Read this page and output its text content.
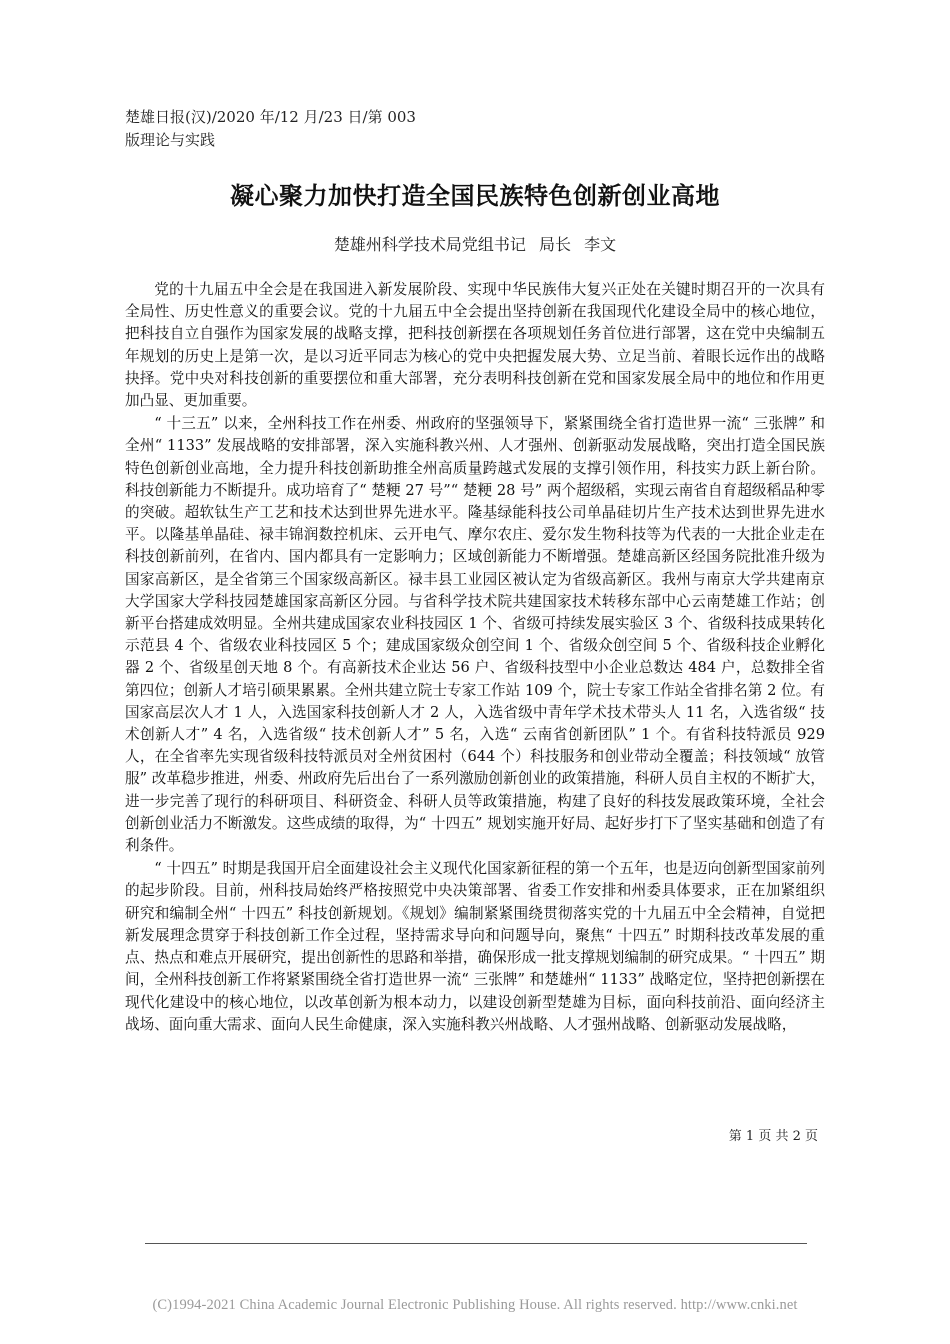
楚雄日报(汉)/2020 年/12 月/23 日/第 003
版理论与实践
凝心聚力加快打造全国民族特色创新创业高地
楚雄州科学技术局党组书记 局长 李文

党的十九届五中全会是在我国进入新发展阶段、实现中华民族伟大复兴正处在关键时期召开的一次具有全局性、历史性意义的重要会议。党的十九届五中全会提出坚持创新在我国现代化建设全局中的核心地位，把科技自立自强作为国家发展的战略支撑，把科技创新摆在各项规划任务首位进行部署，这在党中央编制五年规划的历史上是第一次，是以习近平同志为核心的党中央把握发展大势、立足当前、着眼长远作出的战略抉择。党中央对科技创新的重要摆位和重大部署，充分表明科技创新在党和国家发展全局中的地位和作用更加凸显、更加重要。

“ 十三五” 以来，全州科技工作在州委、州政府的坚强领导下，紧紧围绕全省打造世界一流“ 三张牌” 和全州“ 1133” 发展战略的安排部署，深入实施科教兴州、人才强州、创新驱动发展战略，突出打造全国民族特色创新创业高地，全力提升科技创新助推全州高质量跨越式发展的支撑引领作用，科技实力跃上新台阶。科技创新能力不断提升。成功培育了“ 楚粳 27 号”“ 楚粳 28 号” 两个超级稻，实现云南省自育超级稻品种零的突破。超软钛生产工艺和技术达到世界先进水平。隆基绿能科技公司单晶硅切片生产技术达到世界先进水平。以隆基单晶硅、禄丰锦润数控机床、云开电气、摩尔农庄、爱尔发生物科技等为代表的一大批企业走在科技创新前列，在省内、国内都具有一定影响力；区域创新能力不断增强。楚雄高新区经国务院批准升级为国家高新区，是全省第三个国家级高新区。禄丰县工业园区被认定为省级高新区。我州与南京大学共建南京大学国家大学科技园楚雄国家高新区分园。与省科学技术院共建国家技术转移东部中心云南楚雄工作站；创新平台搭建成效明显。全州共建成国家农业科技园区 1 个、省级可持续发展实验区 3 个、省级科技成果转化示范县 4 个、省级农业科技园区 5 个；建成国家级众创空间 1 个、省级众创空间 5 个、省级科技企业孵化器 2 个、省级星创天地 8 个。有高新技术企业达 56 户、省级科技型中小企业总数达 484 户，总数排全省第四位；创新人才培引硕果累累。全州共建立院士专家工作站 109 个，院士专家工作站全省排名第 2 位。有国家高层次人才 1 人，入选国家科技创新人才 2 人，入选省级中青年学术技术带头人 11 名，入选省级“ 技术创新人才” 4 名，入选省级“ 技术创新人才” 5 名，入选“ 云南省创新团队” 1 个。有省科技特派员 929 人，在全省率先实现省级科技特派员对全州贫困村（644 个）科技服务和创业带动全覆盖；科技领域“ 放管服” 改革稳步推进，州委、州政府先后出台了一系列激励创新创业的政策措施，科研人员自主权的不断扩大，进一步完善了现行的科研项目、科研资金、科研人员等政策措施，构建了良好的科技发展政策环境，全社会创新创业活力不断激发。这些成绩的取得，为“ 十四五” 规划实施开好局、起好步打下了坚实基础和创造了有利条件。

“ 十四五” 时期是我国开启全面建设社会主义现代化国家新征程的第一个五年，也是迈向创新型国家前列的起步阶段。目前，州科技局始终严格按照党中央决策部署、省委工作安排和州委具体要求，正在加紧组织研究和编制全州“ 十四五” 科技创新规划。《规划》编制紧紧围绕贯彻落实党的十九届五中全会精神，自觉把新发展理念贯穿于科技创新工作全过程，坚持需求导向和问题导向，聚焦“ 十四五” 时期科技改革发展的重点、热点和难点开展研究，提出创新性的思路和举措，确保形成一批支撑规划编制的研究成果。“ 十四五” 期间，全州科技创新工作将紧紧围绕全省打造世界一流“ 三张牌” 和楚雄州“ 1133” 战略定位，坚持把创新摆在现代化建设中的核心地位，以改革创新为根本动力，以建设创新型楚雄为目标，面向科技前沿、面向经济主战场、面向重大需求、面向人民生命健康，深入实施科教兴州战略、人才强州战略、创新驱动发展战略，

第 1 页 共 2 页
(C)1994-2021 China Academic Journal Electronic Publishing House. All rights reserved. http://www.cnki.net
